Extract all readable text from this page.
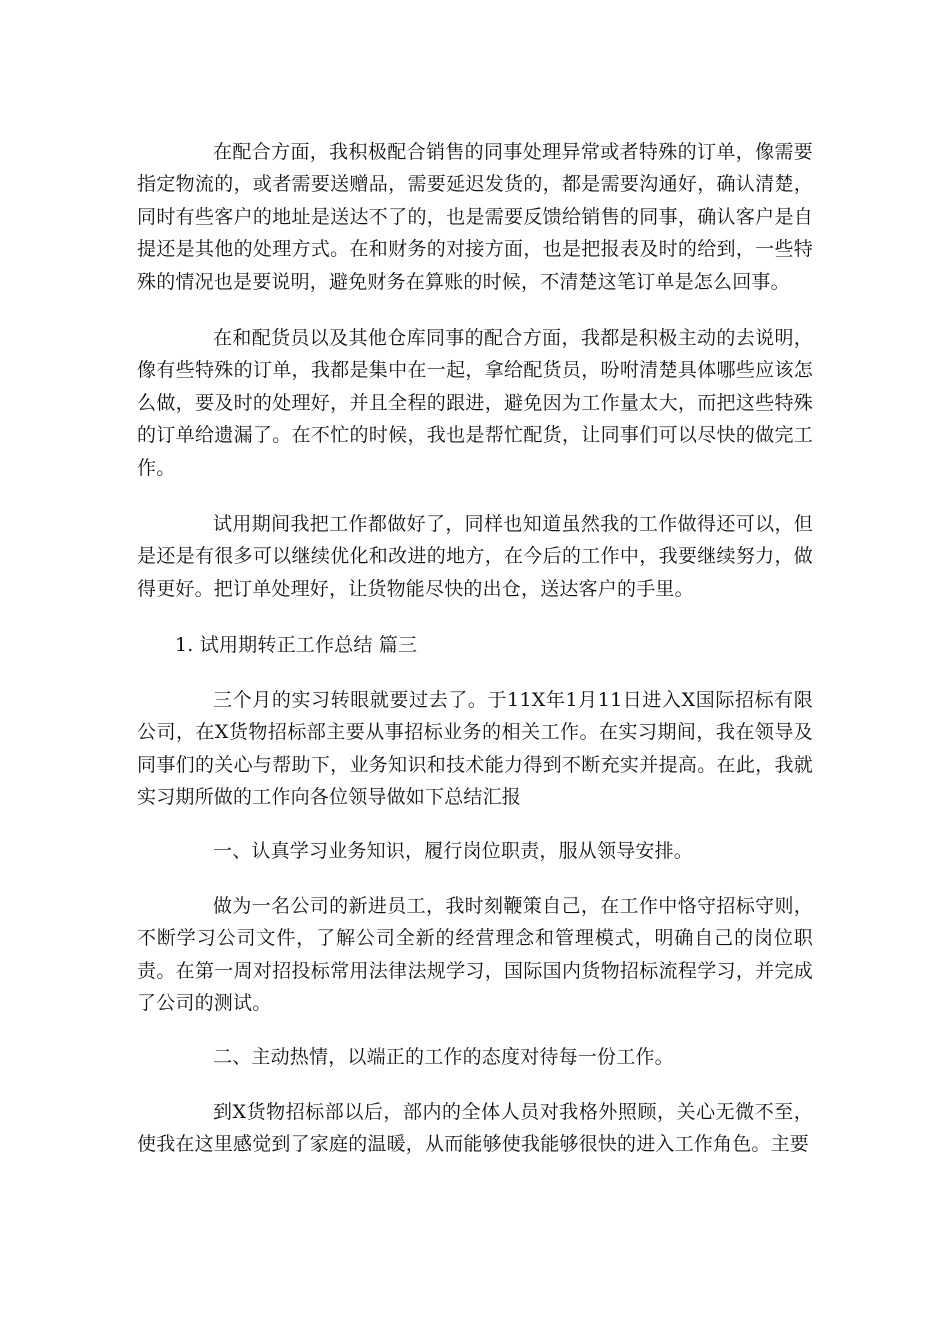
在配合方面，我积极配合销售的同事处理异常或者特殊的订单，像需要指定物流的，或者需要送赠品，需要延迟发货的，都是需要沟通好，确认清楚，同时有些客户的地址是送达不了的，也是需要反馈给销售的同事，确认客户是自提还是其他的处理方式。在和财务的对接方面，也是把报表及时的给到，一些特殊的情况也是要说明，避免财务在算账的时候，不清楚这笔订单是怎么回事。

在和配货员以及其他仓库同事的配合方面，我都是积极主动的去说明，像有些特殊的订单，我都是集中在一起，拿给配货员，吩咐清楚具体哪些应该怎么做，要及时的处理好，并且全程的跟进，避免因为工作量太大，而把这些特殊的订单给遗漏了。在不忙的时候，我也是帮忙配货，让同事们可以尽快的做完工作。

试用期间我把工作都做好了，同样也知道虽然我的工作做得还可以，但是还是有很多可以继续优化和改进的地方，在今后的工作中，我要继续努力，做得更好。把订单处理好，让货物能尽快的出仓，送达客户的手里。

1. 试用期转正工作总结 篇三

三个月的实习转眼就要过去了。于11X年1月11日进入X国际招标有限公司，在X货物招标部主要从事招标业务的相关工作。在实习期间，我在领导及同事们的关心与帮助下，业务知识和技术能力得到不断充实并提高。在此，我就实习期所做的工作向各位领导做如下总结汇报

一、认真学习业务知识，履行岗位职责，服从领导安排。

做为一名公司的新进员工，我时刻鞭策自己，在工作中恪守招标守则，不断学习公司文件，了解公司全新的经营理念和管理模式，明确自己的岗位职责。在第一周对招投标常用法律法规学习，国际国内货物招标流程学习，并完成了公司的测试。

二、主动热情，以端正的工作的态度对待每一份工作。

到X货物招标部以后，部内的全体人员对我格外照顾，关心无微不至，使我在这里感觉到了家庭的温暖，从而能够使我能够很快的进入工作角色。主要
